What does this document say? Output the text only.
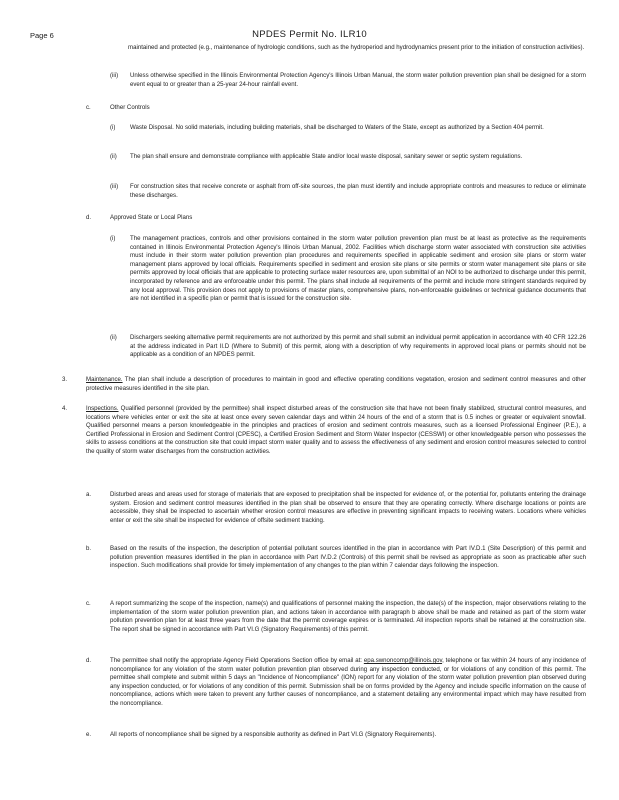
Page 6	NPDES Permit No. ILR10
maintained and protected (e.g., maintenance of hydrologic conditions, such as the hydroperiod and hydrodynamics present prior to the initiation of construction activities).
(iii) Unless otherwise specified in the Illinois Environmental Protection Agency's Illinois Urban Manual, the storm water pollution prevention plan shall be designed for a storm event equal to or greater than a 25-year 24-hour rainfall event.
c.	Other Controls
(i) Waste Disposal. No solid materials, including building materials, shall be discharged to Waters of the State, except as authorized by a Section 404 permit.
(ii) The plan shall ensure and demonstrate compliance with applicable State and/or local waste disposal, sanitary sewer or septic system regulations.
(iii) For construction sites that receive concrete or asphalt from off-site sources, the plan must identify and include appropriate controls and measures to reduce or eliminate these discharges.
d.	Approved State or Local Plans
(i) The management practices, controls and other provisions contained in the storm water pollution prevention plan must be at least as protective as the requirements contained in Illinois Environmental Protection Agency's Illinois Urban Manual, 2002. Facilities which discharge storm water associated with construction site activities must include in their storm water pollution prevention plan procedures and requirements specified in applicable sediment and erosion site plans or storm water management plans approved by local officials. Requirements specified in sediment and erosion site plans or site permits or storm water management site plans or site permits approved by local officials that are applicable to protecting surface water resources are, upon submittal of an NOI to be authorized to discharge under this permit, incorporated by reference and are enforceable under this permit. The plans shall include all requirements of the permit and include more stringent standards required by any local approval. This provision does not apply to provisions of master plans, comprehensive plans, non-enforceable guidelines or technical guidance documents that are not identified in a specific plan or permit that is issued for the construction site.
(ii) Dischargers seeking alternative permit requirements are not authorized by this permit and shall submit an individual permit application in accordance with 40 CFR 122.26 at the address indicated in Part II.D (Where to Submit) of this permit, along with a description of why requirements in approved local plans or permits should not be applicable as a condition of an NPDES permit.
3.	Maintenance. The plan shall include a description of procedures to maintain in good and effective operating conditions vegetation, erosion and sediment control measures and other protective measures identified in the site plan.
4.	Inspections. Qualified personnel (provided by the permittee) shall inspect disturbed areas of the construction site that have not been finally stabilized, structural control measures, and locations where vehicles enter or exit the site at least once every seven calendar days and within 24 hours of the end of a storm that is 0.5 inches or greater or equivalent snowfall. Qualified personnel means a person knowledgeable in the principles and practices of erosion and sediment controls measures, such as a licensed Professional Engineer (P.E.), a Certified Professional in Erosion and Sediment Control (CPESC), a Certified Erosion Sediment and Storm Water Inspector (CESSWI) or other knowledgeable person who possesses the skills to assess conditions at the construction site that could impact storm water quality and to assess the effectiveness of any sediment and erosion control measures selected to control the quality of storm water discharges from the construction activities.
a.	Disturbed areas and areas used for storage of materials that are exposed to precipitation shall be inspected for evidence of, or the potential for, pollutants entering the drainage system. Erosion and sediment control measures identified in the plan shall be observed to ensure that they are operating correctly. Where discharge locations or points are accessible, they shall be inspected to ascertain whether erosion control measures are effective in preventing significant impacts to receiving waters. Locations where vehicles enter or exit the site shall be inspected for evidence of offsite sediment tracking.
b.	Based on the results of the inspection, the description of potential pollutant sources identified in the plan in accordance with Part IV.D.1 (Site Description) of this permit and pollution prevention measures identified in the plan in accordance with Part IV.D.2 (Controls) of this permit shall be revised as appropriate as soon as practicable after such inspection. Such modifications shall provide for timely implementation of any changes to the plan within 7 calendar days following the inspection.
c.	A report summarizing the scope of the inspection, name(s) and qualifications of personnel making the inspection, the date(s) of the inspection, major observations relating to the implementation of the storm water pollution prevention plan, and actions taken in accordance with paragraph b above shall be made and retained as part of the storm water pollution prevention plan for at least three years from the date that the permit coverage expires or is terminated. All inspection reports shall be retained at the construction site. The report shall be signed in accordance with Part VI.G (Signatory Requirements) of this permit.
d.	The permittee shall notify the appropriate Agency Field Operations Section office by email at: epa.swnoncomp@illinois.gov, telephone or fax within 24 hours of any incidence of noncompliance for any violation of the storm water pollution prevention plan observed during any inspection conducted, or for violations of any condition of this permit. The permittee shall complete and submit within 5 days an "Incidence of Noncompliance" (ION) report for any violation of the storm water pollution prevention plan observed during any inspection conducted, or for violations of any condition of this permit. Submission shall be on forms provided by the Agency and include specific information on the cause of noncompliance, actions which were taken to prevent any further causes of noncompliance, and a statement detailing any environmental impact which may have resulted from the noncompliance.
e.	All reports of noncompliance shall be signed by a responsible authority as defined in Part VI.G (Signatory Requirements).
